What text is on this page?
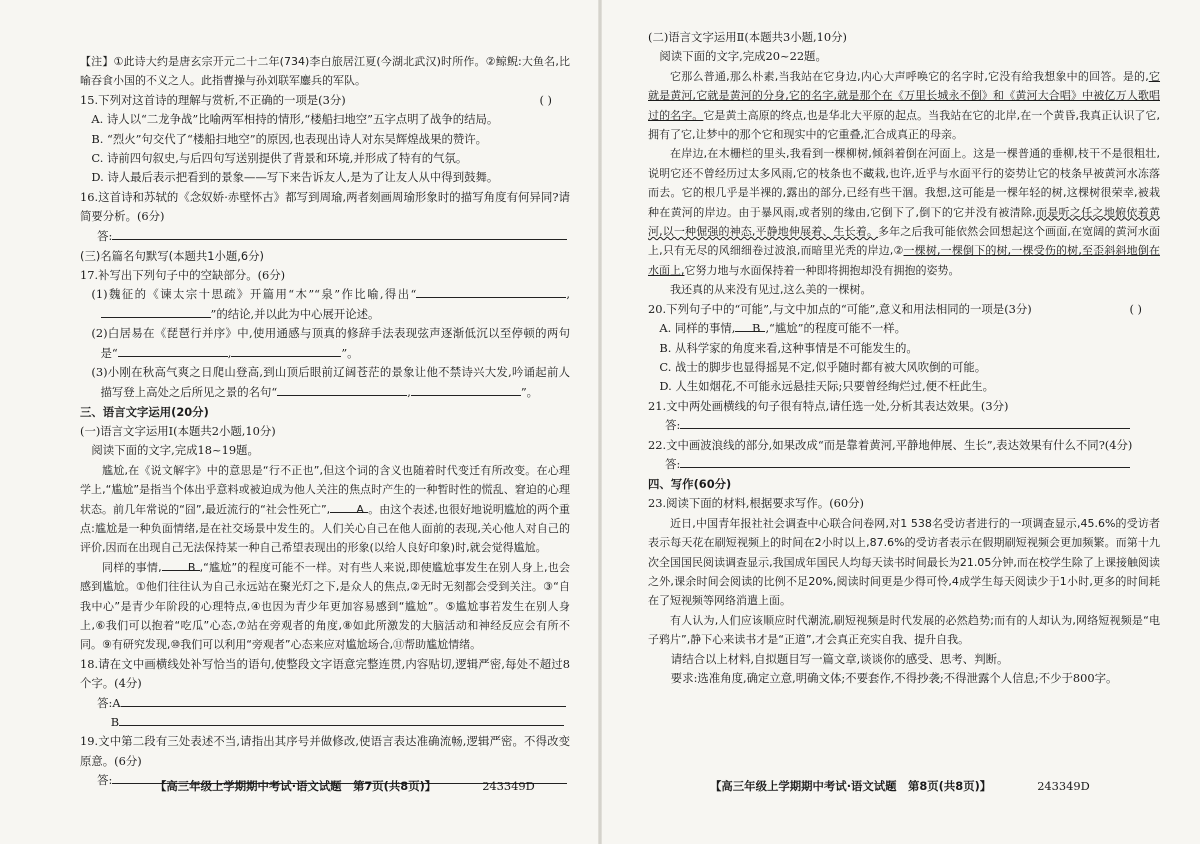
【注】①此诗大约是唐玄宗开元二十二年(734)李白旅居江夏(今湖北武汉)时所作。②鲸鲵:大鱼名,比喻吞食小国的不义之人。此指曹操与孙刘联军鏖兵的军队。

15.下列对这首诗的理解与赏析,不正确的一项是(3分)	( )

A. 诗人以“二龙争战”比喻两军相持的情形,“楼船扫地空”五字点明了战争的结局。

B. “烈火”句交代了“楼船扫地空”的原因,也表现出诗人对东吴辉煌战果的赞许。

C. 诗前四句叙史,与后四句写送别提供了背景和环境,并形成了特有的气氛。

D. 诗人最后表示把看到的景象——写下来告诉友人,是为了让友人从中得到鼓舞。

16.这首诗和苏轼的《念奴娇·赤壁怀古》都写到周瑜,两者刻画周瑜形象时的描写角度有何异同?请简要分析。(6分)

答:

(三)名篇名句默写(本题共1小题,6分)

17.补写出下列句子中的空缺部分。(6分)

(1)魏征的《谏太宗十思疏》开篇用“木”“泉”作比喻,得出“	,”的结论,并以此为中心展开论述。

(2)白居易在《琵琶行并序》中,使用通感与顶真的修辞手法表现弦声逐渐低沉以至停顿的两句是“	,	”。

(3)小刚在秋高气爽之日爬山登高,到山顶后眼前辽阔苍茫的景象让他不禁诗兴大发,吟诵起前人描写登上高处之后所见之景的名句“	,	”。

三、语言文字运用(20分)

(一)语言文字运用Ⅰ(本题共2小题,10分)

阅读下面的文字,完成18~19题。

尴尬,在《说文解字》中的意思是“行不正也”,但这个词的含义也随着时代变迁有所改变。在心理学上,“尴尬”是指当个体出乎意料或被迫成为他人关注的焦点时产生的一种暂时性的慌乱、窘迫的心理状态。前几年常说的“囧”,最近流行的“社会性死亡”, A 。由这个表述,也很好地说明尴尬的两个重点:尴尬是一种负面情绪,是在社交场景中发生的。人们关心自己在他人面前的表现,关心他人对自己的评价,因而在出现自己无法保持某一种自己希望表现出的形象(以给人良好印象)时,就会觉得尴尬。

同样的事情, B ,“尴尬”的程度可能不一样。对有些人来说,即使尴尬事发生在别人身上,也会感到尴尬。①他们往往认为自己永远站在聚光灯之下,是众人的焦点,②无时无刻都会受到关注。③“自我中心”是青少年阶段的心理特点,④也因为青少年更加容易感到“尴尬”。⑤尴尬事若发生在别人身上,⑥我们可以抱着“吃瓜”心态,⑦站在旁观者的角度,⑧如此所激发的大脑活动和神经反应会有所不同。⑨有研究发现,⑩我们可以利用“旁观者”心态来应对尴尬场合,⑪帮助尴尬情绪。

18.请在文中画横线处补写恰当的语句,使整段文字语意完整连贯,内容贴切,逻辑严密,每处不超过8个字。(4分)

答:A

B

19.文中第二段有三处表述不当,请指出其序号并做修改,使语言表达准确流畅,逻辑严密。不得改变原意。(6分)

答:	【高三年级上学期期中考试·语文试题　第7页(共8页)】	243349D

(二)语言文字运用Ⅱ(本题共3小题,10分)

阅读下面的文字,完成20~22题。

它那么普通,那么朴素,当我站在它身边,内心大声呼唤它的名字时,它没有给我想象中的回答。是的,它就是黄河,它就是黄河的分身,它的名字,就是那个在《万里长城永不倒》和《黄河大合唱》中被亿万人歌唱过的名字。它是黄土高原的终点,也是华北大平原的起点。当我站在它的北岸,在一个黄昏,我真正认识了它,拥有了它,让梦中的那个它和现实中的它重叠,汇合成真正的母亲。

在岸边,在木栅栏的里头,我看到一棵柳树,倾斜着倒在河面上。这是一棵普通的垂柳,枝干不是很粗壮,说明它还不曾经历过太多风雨,它的枝条也不藏栽,也许,近乎与水面平行的姿势让它的枝条早被黄河水冻落而去。它的根几乎是半裸的,露出的部分,已经有些干涸。我想,这可能是一棵年轻的树,这棵树很荣幸,被栽种在黄河的岸边。由于暴风雨,或者别的缘由,它倒下了,倒下的它并没有被清除,而是听之任之地俯依着黄河,以一种倔强的神态,平静地伸展着、生长着。多年之后我可能依然会回想起这个画面,在宽阔的黄河水面上,只有无尽的风细细卷过波浪,而暗里光秃的岸边,②一棵树,一棵倒下的树,一棵受伤的树,至歪斜斜地倒在水面上,它努力地与水面保持着一种即将拥抱却没有拥抱的姿势。

我还真的从来没有见过,这么美的一棵树。

20.下列句子中的“可能”,与文中加点的“可能”,意义和用法相同的一项是(3分)	( )

A. 同样的事情, B ,“尴尬”的程度可能不一样。

B. 从科学家的角度来看,这种事情是不可能发生的。

C. 战士的脚步也显得摇晃不定,似乎随时都有被大风吹倒的可能。

D. 人生如烟花,不可能永远悬挂天际;只要曾经绚烂过,便不枉此生。

21.文中两处画横线的句子很有特点,请任选一处,分析其表达效果。(3分)

答:

22.文中画波浪线的部分,如果改成“而是靠着黄河,平静地伸展、生长”,表达效果有什么不同?(4分)

答:

四、写作(60分)

23.阅读下面的材料,根据要求写作。(60分)

近日,中国青年报社社会调查中心联合问卷网,对1 538名受访者进行的一项调查显示,45.6%的受访者表示每天花在刷短视频上的时间在2小时以上,87.6%的受访者表示在假期刷短视频会更加频繁。而第十九次全国国民阅读调查显示,我国成年国民人均每天读书时间最长为21.05分钟,而在校学生除了上课接触阅读之外,课余时间会阅读的比例不足20%,阅读时间更是少得可怜,4成学生每天阅读少于1小时,更多的时间耗在了短视频等网络消遣上面。

有人认为,人们应该顺应时代潮流,刷短视频是时代发展的必然趋势;而有的人却认为,网络短视频是“电子鸦片”,静下心来读书才是“正道”,才会真正充实自我、提升自我。

请结合以上材料,自拟题目写一篇文章,谈谈你的感受、思考、判断。

要求:选准角度,确定立意,明确文体;不要套作,不得抄袭;不得泄露个人信息;不少于800字。

【高三年级上学期期中考试·语文试题　第8页(共8页)】	243349D
